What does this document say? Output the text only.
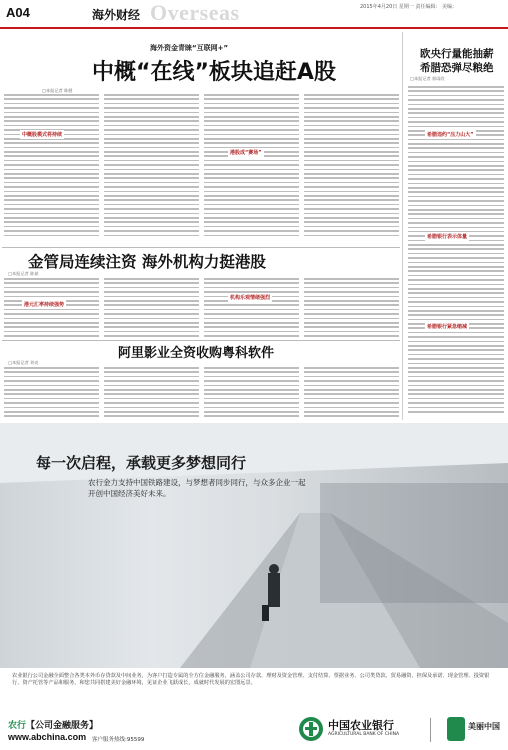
A04	海外财经 Overseas	2015年4月20日 星期一 责任编辑： 美编：
海外资金青睐“互联网+”
中概“在线”板块追赶A股
□本报记者 陈健
中概股模式将持续
港股成“赛场”
欧央行量能抽薪
希腊恐弹尽粮绝
□本报记者 郭雨欣
希腊违约“压力山大”
希腊银行表示体量
希腊银行紧急缩减
金管局连续注资 海外机构力挺港股
□本报记者 陈斌
港元汇率持续强势
机构乐观情绪强烈
阿里影业全资收购粤科软件
□本报记者 刘亮
每一次启程，承载更多梦想同行
农行金力支持中国铁路建设，与梦想者同步同行，与众多企业一起
开创中国经济美好未来。
农业银行公司金融全面整合各类本外币存贷款及中间业务，为客户打造专属的全方位金融服务，涵盖公司存款、理财及资金管理、支付结算、票据业务、公司类贷款、贸易融资、担保及承诺、现金管理、投资银行、资产托管等产品和服务，和您共同搭建美好金融环境，见证企业飞跃成长，成就时代发展的宏图远景。
农行【公司金融服务】
www.abchina.com 客户服务热线:95599
中国农业银行
AGRICULTURAL BANK OF CHINA
美丽中国
